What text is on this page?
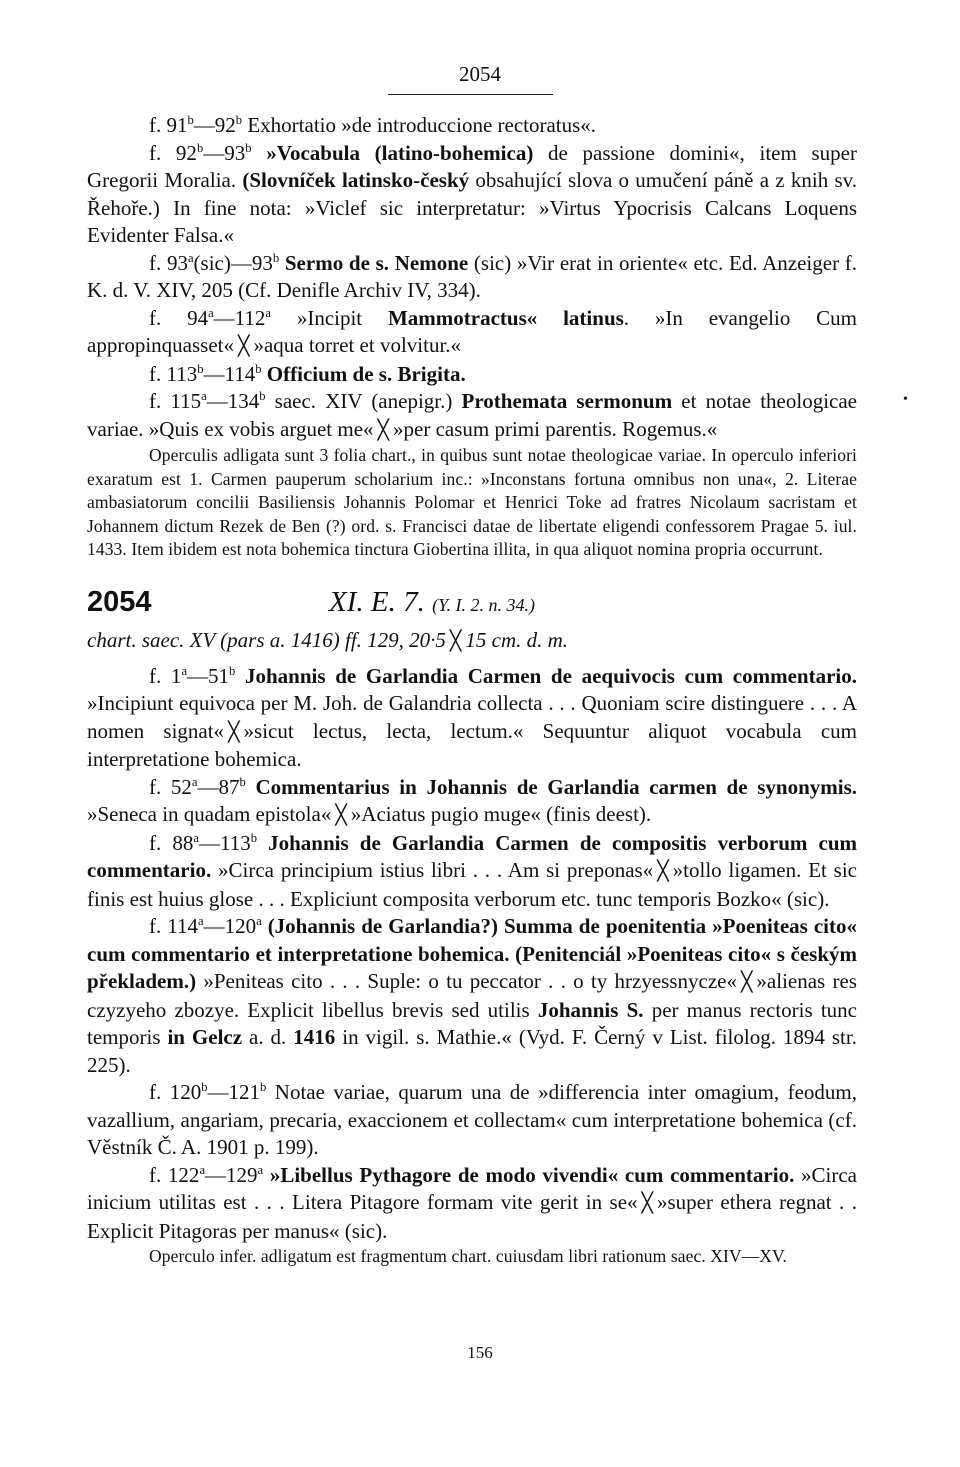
2054
•

f. 91$^b$—92$^b$ Exhortatio »de introduccione rectoratus«.

f. 92$^b$—93$^b$ »Vocabula (latino-bohemica) de passione domini«, item super Gregorii Moralia. (Slovníček latinsko-český obsahující slova o umučení páně a z knih sv. Řehoře.) In fine nota: »Viclef sic interpretatur: »Virtus Ypocrisis Calcans Loquens Evidenter Falsa.«

f. 93$^a$(sic)—93$^b$ Sermo de s. Nemone (sic) »Vir erat in oriente« etc. Ed. Anzeiger f. K. d. V. XIV, 205 (Cf. Denifle Archiv IV, 334).

f. 94$^a$—112$^a$ »Incipit Mammotractus« latinus. »In evangelio Cum appropinquasset« ╳ »aqua torret et volvitur.«

f. 113$^b$—114$^b$ Officium de s. Brigita.

f. 115$^a$—134$^b$ saec. XIV (anepigr.) Prothemata sermonum et notae theologicae variae. »Quis ex vobis arguet me« ╳ »per casum primi parentis. Rogemus.«

Operculis adligata sunt 3 folia chart., in quibus sunt notae theologicae variae. In operculo inferiori exaratum est 1. Carmen pauperum scholarium inc.: »Inconstans fortuna omnibus non una«, 2. Literae ambasiatorum concilii Basiliensis Johannis Polomar et Henrici Toke ad fratres Nicolaum sacristam et Johannem dictum Rezek de Ben (?) ord. s. Francisci datae de libertate eligendi confessorem Pragae 5. iul. 1433. Item ibidem est nota bohemica tinctura Giobertina illita, in qua aliquot nomina propria occurrunt.

2054	XI. E. 7. (Y. I. 2. n. 34.)

chart. saec. XV (pars a. 1416) ff. 129, 20·5 ╳ 15 cm. d. m.

f. 1$^a$—51$^b$ Johannis de Garlandia Carmen de aequivocis cum commentario. »Incipiunt equivoca per M. Joh. de Galandria collecta . . . Quoniam scire distinguere . . . A nomen signat« ╳ »sicut lectus, lecta, lectum.« Sequuntur aliquot vocabula cum interpretatione bohemica.

f. 52$^a$—87$^b$ Commentarius in Johannis de Garlandia carmen de synonymis. »Seneca in quadam epistola« ╳ »Aciatus pugio muge« (finis deest).

f. 88$^a$—113$^b$ Johannis de Garlandia Carmen de compositis verborum cum commentario. »Circa principium istius libri . . . Am si preponas« ╳ »tollo ligamen. Et sic finis est huius glose . . . Expliciunt composita verborum etc. tunc temporis Bozko« (sic).

f. 114$^a$—120$^a$ (Johannis de Garlandia?) Summa de poenitentia »Poeniteas cito« cum commentario et interpretatione bohemica. (Penitenciál »Poeniteas cito« s českým překladem.) »Peniteas cito . . . Suple: o tu peccator . . o ty hrzyessnycze« ╳ »alienas res czyzyeho zbozye. Explicit libellus brevis sed utilis Johannis S. per manus rectoris tunc temporis in Gelcz a. d. 1416 in vigil. s. Mathie.« (Vyd. F. Černý v List. filolog. 1894 str. 225).

f. 120$^b$—121$^b$ Notae variae, quarum una de »differencia inter omagium, feodum, vazallium, angariam, precaria, exaccionem et collectam« cum interpretatione bohemica (cf. Věstník Č. A. 1901 p. 199).

f. 122$^a$—129$^a$ »Libellus Pythagore de modo vivendi« cum commentario. »Circa inicium utilitas est . . . Litera Pitagore formam vite gerit in se« ╳ »super ethera regnat . . Explicit Pitagoras per manus« (sic).

Operculo infer. adligatum est fragmentum chart. cuiusdam libri rationum saec. XIV—XV.

156
